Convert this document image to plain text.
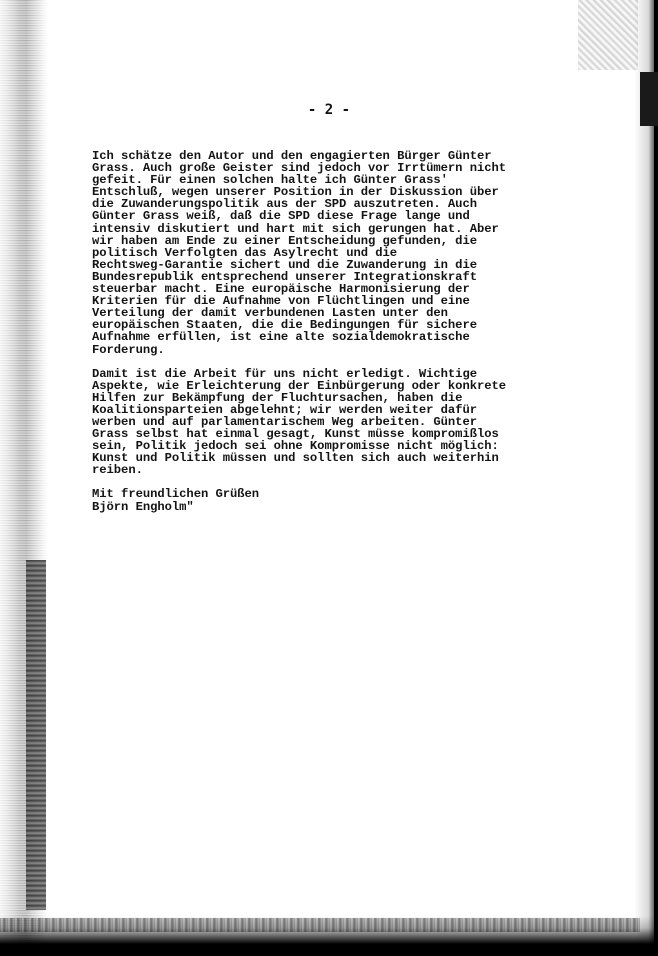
- 2 -
Ich schätze den Autor und den engagierten Bürger Günter
Grass. Auch große Geister sind jedoch vor Irrtümern nicht
gefeit. Für einen solchen halte ich Günter Grass'
Entschluß, wegen unserer Position in der Diskussion über
die Zuwanderungspolitik aus der SPD auszutreten. Auch
Günter Grass weiß, daß die SPD diese Frage lange und
intensiv diskutiert und hart mit sich gerungen hat. Aber
wir haben am Ende zu einer Entscheidung gefunden, die
politisch Verfolgten das Asylrecht und die
Rechtsweg-Garantie sichert und die Zuwanderung in die
Bundesrepublik entsprechend unserer Integrationskraft
steuerbar macht. Eine europäische Harmonisierung der
Kriterien für die Aufnahme von Flüchtlingen und eine
Verteilung der damit verbundenen Lasten unter den
europäischen Staaten, die die Bedingungen für sichere
Aufnahme erfüllen, ist eine alte sozialdemokratische
Forderung.
Damit ist die Arbeit für uns nicht erledigt. Wichtige
Aspekte, wie Erleichterung der Einbürgerung oder konkrete
Hilfen zur Bekämpfung der Fluchtursachen, haben die
Koalitionsparteien abgelehnt; wir werden weiter dafür
werben und auf parlamentarischem Weg arbeiten. Günter
Grass selbst hat einmal gesagt, Kunst müsse kompromißlos
sein, Politik jedoch sei ohne Kompromisse nicht möglich:
Kunst und Politik müssen und sollten sich auch weiterhin
reiben.
Mit freundlichen Grüßen
Björn Engholm"
